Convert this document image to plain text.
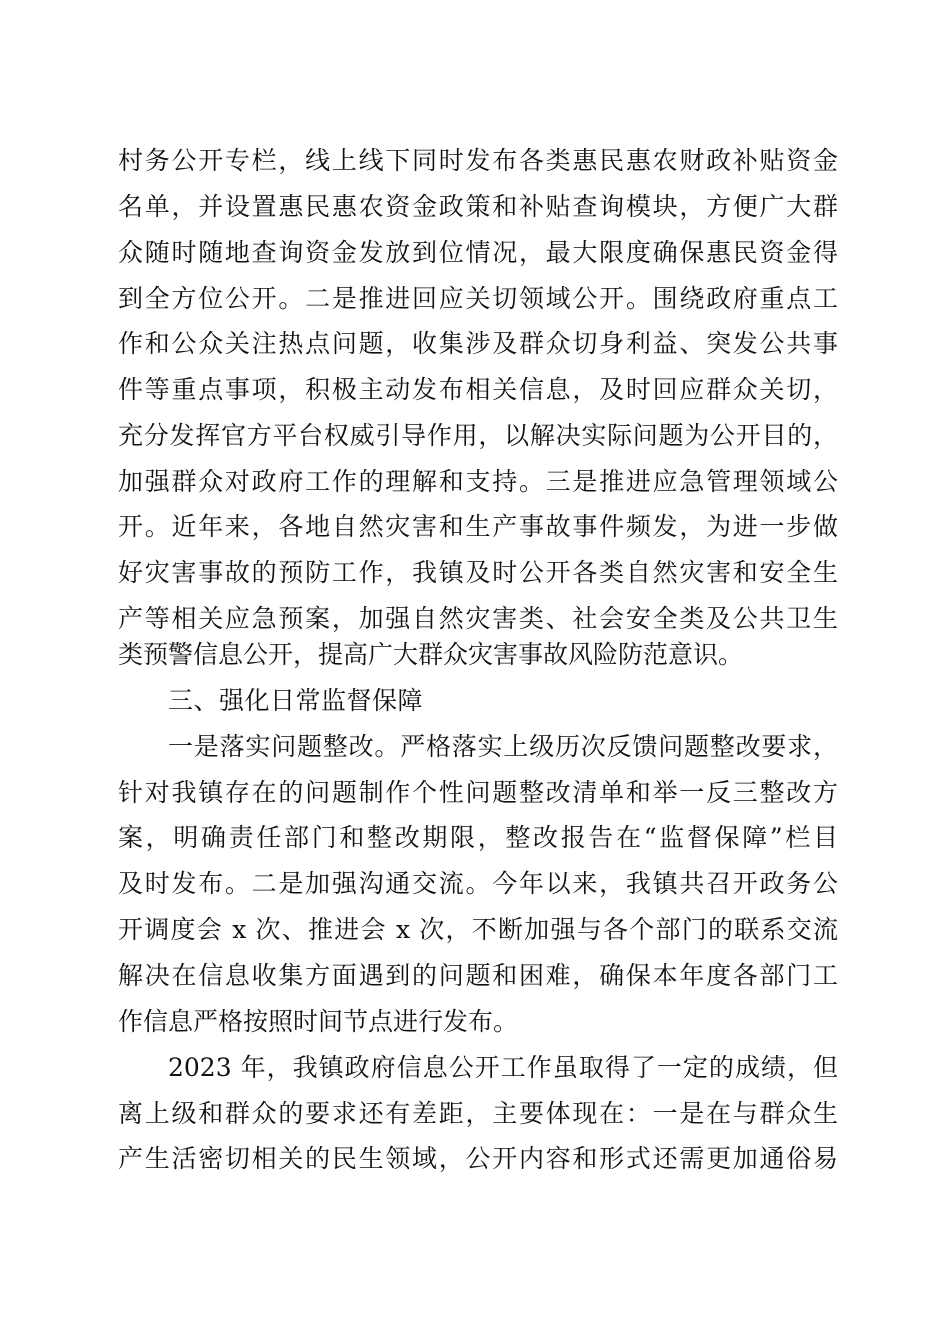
村务公开专栏，线上线下同时发布各类惠民惠农财政补贴资金
名单，并设置惠民惠农资金政策和补贴查询模块，方便广大群
众随时随地查询资金发放到位情况，最大限度确保惠民资金得
到全方位公开。二是推进回应关切领域公开。围绕政府重点工
作和公众关注热点问题，收集涉及群众切身利益、突发公共事
件等重点事项，积极主动发布相关信息，及时回应群众关切，
充分发挥官方平台权威引导作用，以解决实际问题为公开目的，
加强群众对政府工作的理解和支持。三是推进应急管理领域公
开。近年来，各地自然灾害和生产事故事件频发，为进一步做
好灾害事故的预防工作，我镇及时公开各类自然灾害和安全生
产等相关应急预案，加强自然灾害类、社会安全类及公共卫生
类预警信息公开，提高广大群众灾害事故风险防范意识。
三、强化日常监督保障
一是落实问题整改。严格落实上级历次反馈问题整改要求，
针对我镇存在的问题制作个性问题整改清单和举一反三整改方
案，明确责任部门和整改期限，整改报告在“监督保障”栏目
及时发布。二是加强沟通交流。今年以来，我镇共召开政务公
开调度会 x 次、推进会 x 次，不断加强与各个部门的联系交流
解决在信息收集方面遇到的问题和困难，确保本年度各部门工
作信息严格按照时间节点进行发布。
2023 年，我镇政府信息公开工作虽取得了一定的成绩，但
离上级和群众的要求还有差距，主要体现在：一是在与群众生
产生活密切相关的民生领域，公开内容和形式还需更加通俗易
